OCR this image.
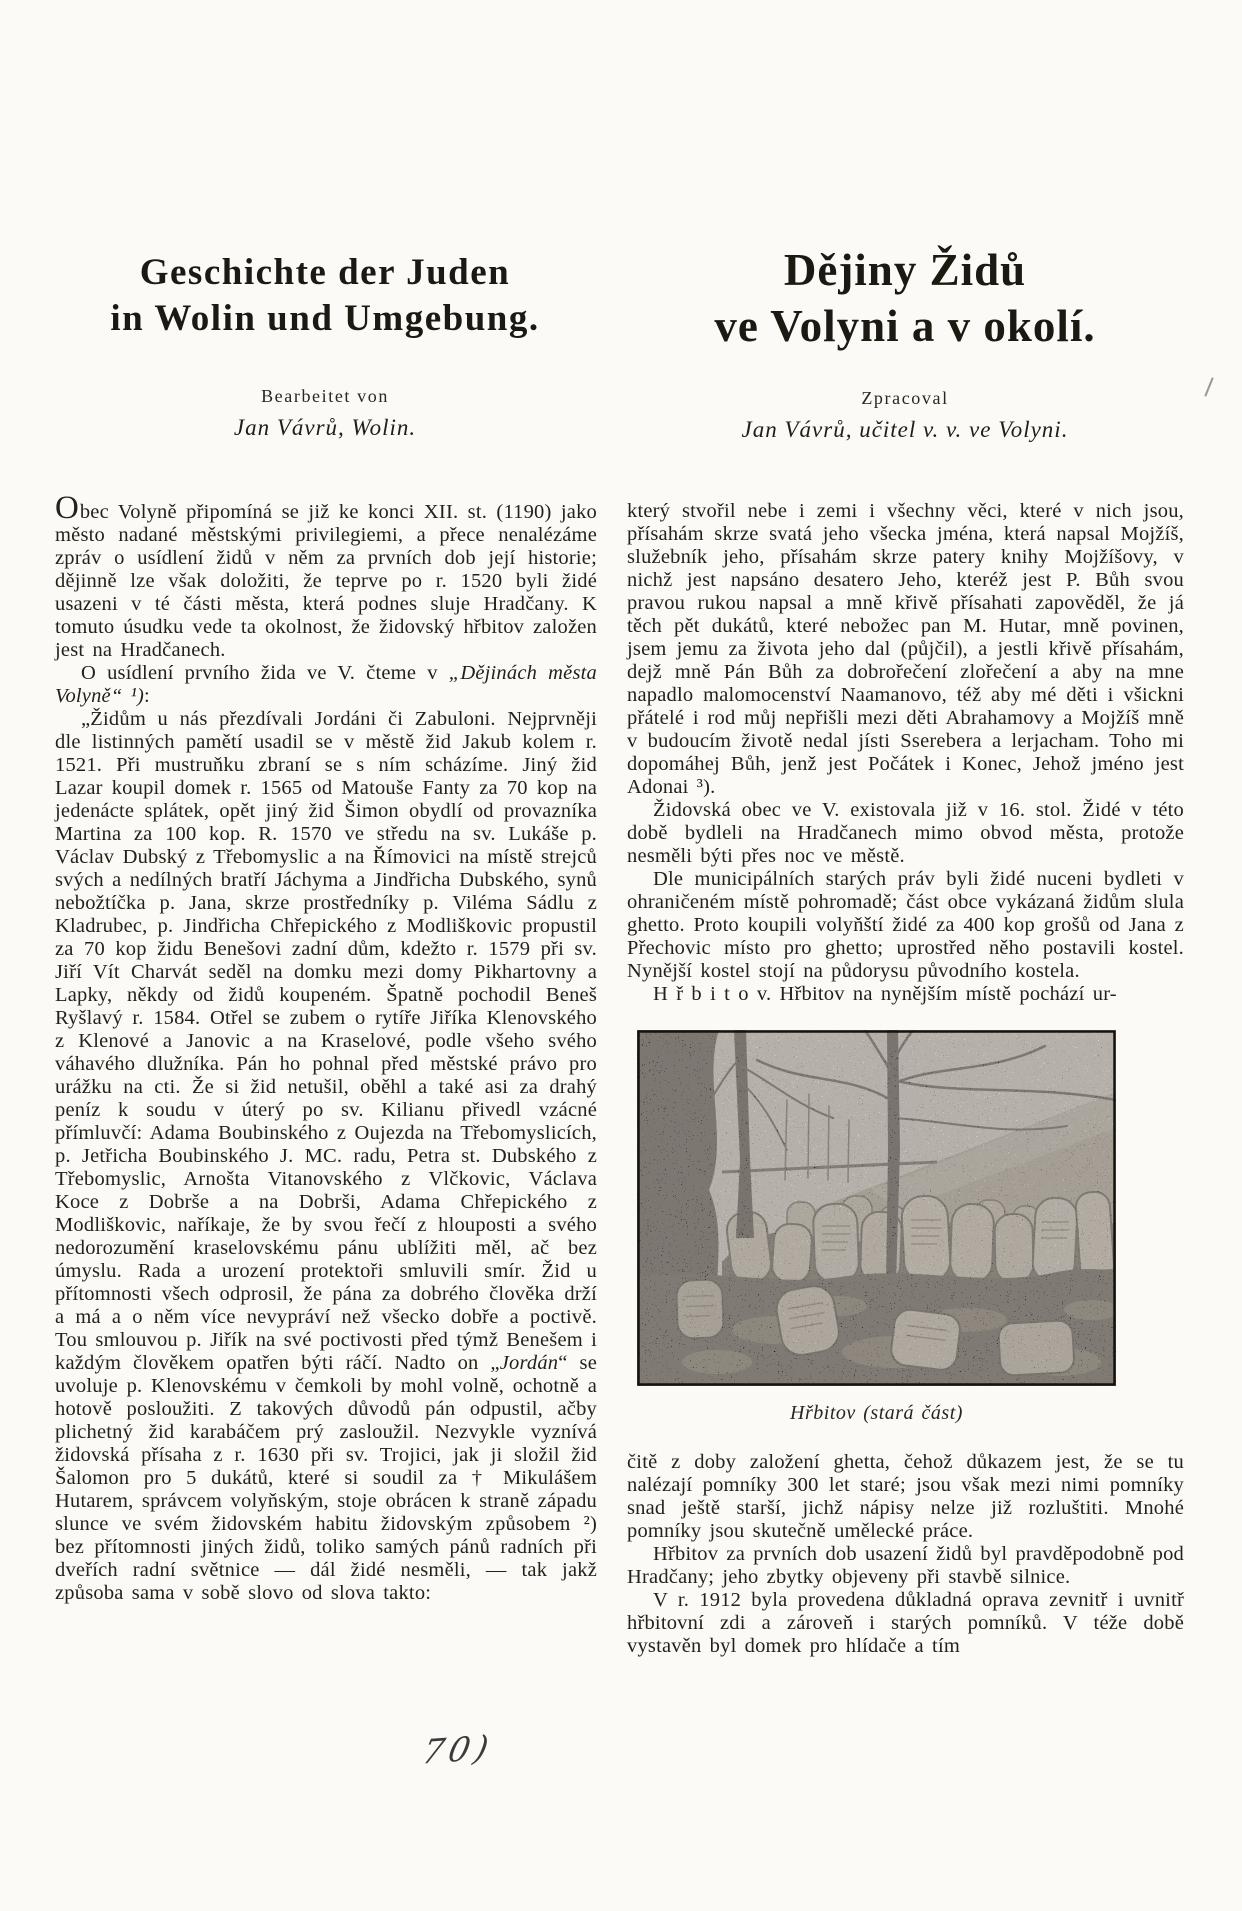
Geschichte der Juden
in Wolin und Umgebung.
Bearbeitet von
Jan Vávrů, Wolin.
Dějiny Židů
ve Volyni a v okolí.
Zpracoval
Jan Vávrů, učitel v. v. ve Volyni.

Obec Volyně připomíná se již ke konci XII. st. (1190) jako město nadané městskými privilegiemi, a přece nenalézáme zpráv o usídlení židů v něm za prvních dob její historie; dějinně lze však doložiti, že teprve po r. 1520 byli židé usazeni v té části města, která podnes sluje Hradčany. K tomuto úsudku vede ta okolnost, že židovský hřbitov založen jest na Hradčanech.

O usídlení prvního žida ve V. čteme v „Dějinách města Volyně“ ¹):

„Židům u nás přezdívali Jordáni či Zabuloni. Nejprvněji dle listinných pamětí usadil se v městě žid Jakub kolem r. 1521. Při mustruňku zbraní se s ním scházíme. Jiný žid Lazar koupil domek r. 1565 od Matouše Fanty za 70 kop na jedenácte splátek, opět jiný žid Šimon obydlí od provazníka Martina za 100 kop. R. 1570 ve středu na sv. Lukáše p. Václav Dubský z Třebomyslic a na Římovici na místě strejců svých a nedílných bratří Jáchyma a Jindřicha Dubského, synů nebožtíčka p. Jana, skrze prostředníky p. Viléma Sádlu z Kladrubec, p. Jindřicha Chřepického z Modliškovic propustil za 70 kop židu Benešovi zadní dům, kdežto r. 1579 při sv. Jiří Vít Charvát seděl na domku mezi domy Pikhartovny a Lapky, někdy od židů koupeném. Špatně pochodil Beneš Ryšlavý r. 1584. Otřel se zubem o rytíře Jiříka Klenovského z Klenové a Janovic a na Kraselové, podle všeho svého váhavého dlužníka. Pán ho pohnal před městské právo pro urážku na cti. Že si žid netušil, oběhl a také asi za drahý peníz k soudu v úterý po sv. Kilianu přivedl vzácné přímluvčí: Adama Boubinského z Oujezda na Třebomyslicích, p. Jetřicha Boubinského J. MC. radu, Petra st. Dubského z Třebomyslic, Arnošta Vitanovského z Vlčkovic, Václava Koce z Dobrše a na Dobrši, Adama Chřepického z Modliškovic, naříkaje, že by svou řečí z hlouposti a svého nedorozumění kraselovskému pánu ublížiti měl, ač bez úmyslu. Rada a urození protektoři smluvili smír. Žid u přítomnosti všech odprosil, že pána za dobrého člověka drží a má a o něm více nevypráví než všecko dobře a poctivě. Tou smlouvou p. Jiřík na své poctivosti před týmž Benešem i každým člověkem opatřen býti ráčí. Nadto on „Jordán“ se uvoluje p. Klenovskému v čemkoli by mohl volně, ochotně a hotově posloužiti. Z takových důvodů pán odpustil, ačby plichetný žid karabáčem prý zasloužil. Nezvykle vyznívá židovská přísaha z r. 1630 při sv. Trojici, jak ji složil žid Šalomon pro 5 dukátů, které si soudil za † Mikulášem Hutarem, správcem volyňským, stoje obrácen k straně západu slunce ve svém židovském habitu židovským způsobem ²) bez přítomnosti jiných židů, toliko samých pánů radních při dveřích radní světnice — dál židé nesměli, — tak jakž způsoba sama v sobě slovo od slova takto:

který stvořil nebe i zemi i všechny věci, které v nich jsou, přísahám skrze svatá jeho všecka jména, která napsal Mojžíš, služebník jeho, přísahám skrze patery knihy Mojžíšovy, v nichž jest napsáno desatero Jeho, kteréž jest P. Bůh svou pravou rukou napsal a mně křivě přísahati zapověděl, že já těch pět dukátů, které nebožec pan M. Hutar, mně povinen, jsem jemu za života jeho dal (půjčil), a jestli křivě přísahám, dejž mně Pán Bůh za dobrořečení zlořečení a aby na mne napadlo malomocenství Naamanovo, též aby mé děti i všickni přátelé i rod můj nepřišli mezi děti Abrahamovy a Mojžíš mně v budoucím životě nedal jísti Sserebera a lerjacham. Toho mi dopomáhej Bůh, jenž jest Počátek i Konec, Jehož jméno jest Adonai ³).

Židovská obec ve V. existovala již v 16. stol. Židé v této době bydleli na Hradčanech mimo obvod města, protože nesměli býti přes noc ve městě.

Dle municipálních starých práv byli židé nuceni bydleti v ohraničeném místě pohromadě; část obce vykázaná židům slula ghetto. Proto koupili volyňští židé za 400 kop grošů od Jana z Přechovic místo pro ghetto; uprostřed něho postavili kostel. Nynější kostel stojí na půdorysu původního kostela.

H ř b i t o v. Hřbitov na nynějším místě pochází ur-

Hřbitov (stará část)

čitě z doby založení ghetta, čehož důkazem jest, že se tu nalézají pomníky 300 let staré; jsou však mezi nimi pomníky snad ještě starší, jichž nápisy nelze již rozluštiti. Mnohé pomníky jsou skutečně umělecké práce.

Hřbitov za prvních dob usazení židů byl pravděpodobně pod Hradčany; jeho zbytky objeveny při stavbě silnice.

V r. 1912 byla provedena důkladná oprava zevnitř i uvnitř hřbitovní zdi a zároveň i starých pomníků. V téže době vystavěn byl domek pro hlídače a tím

70)
